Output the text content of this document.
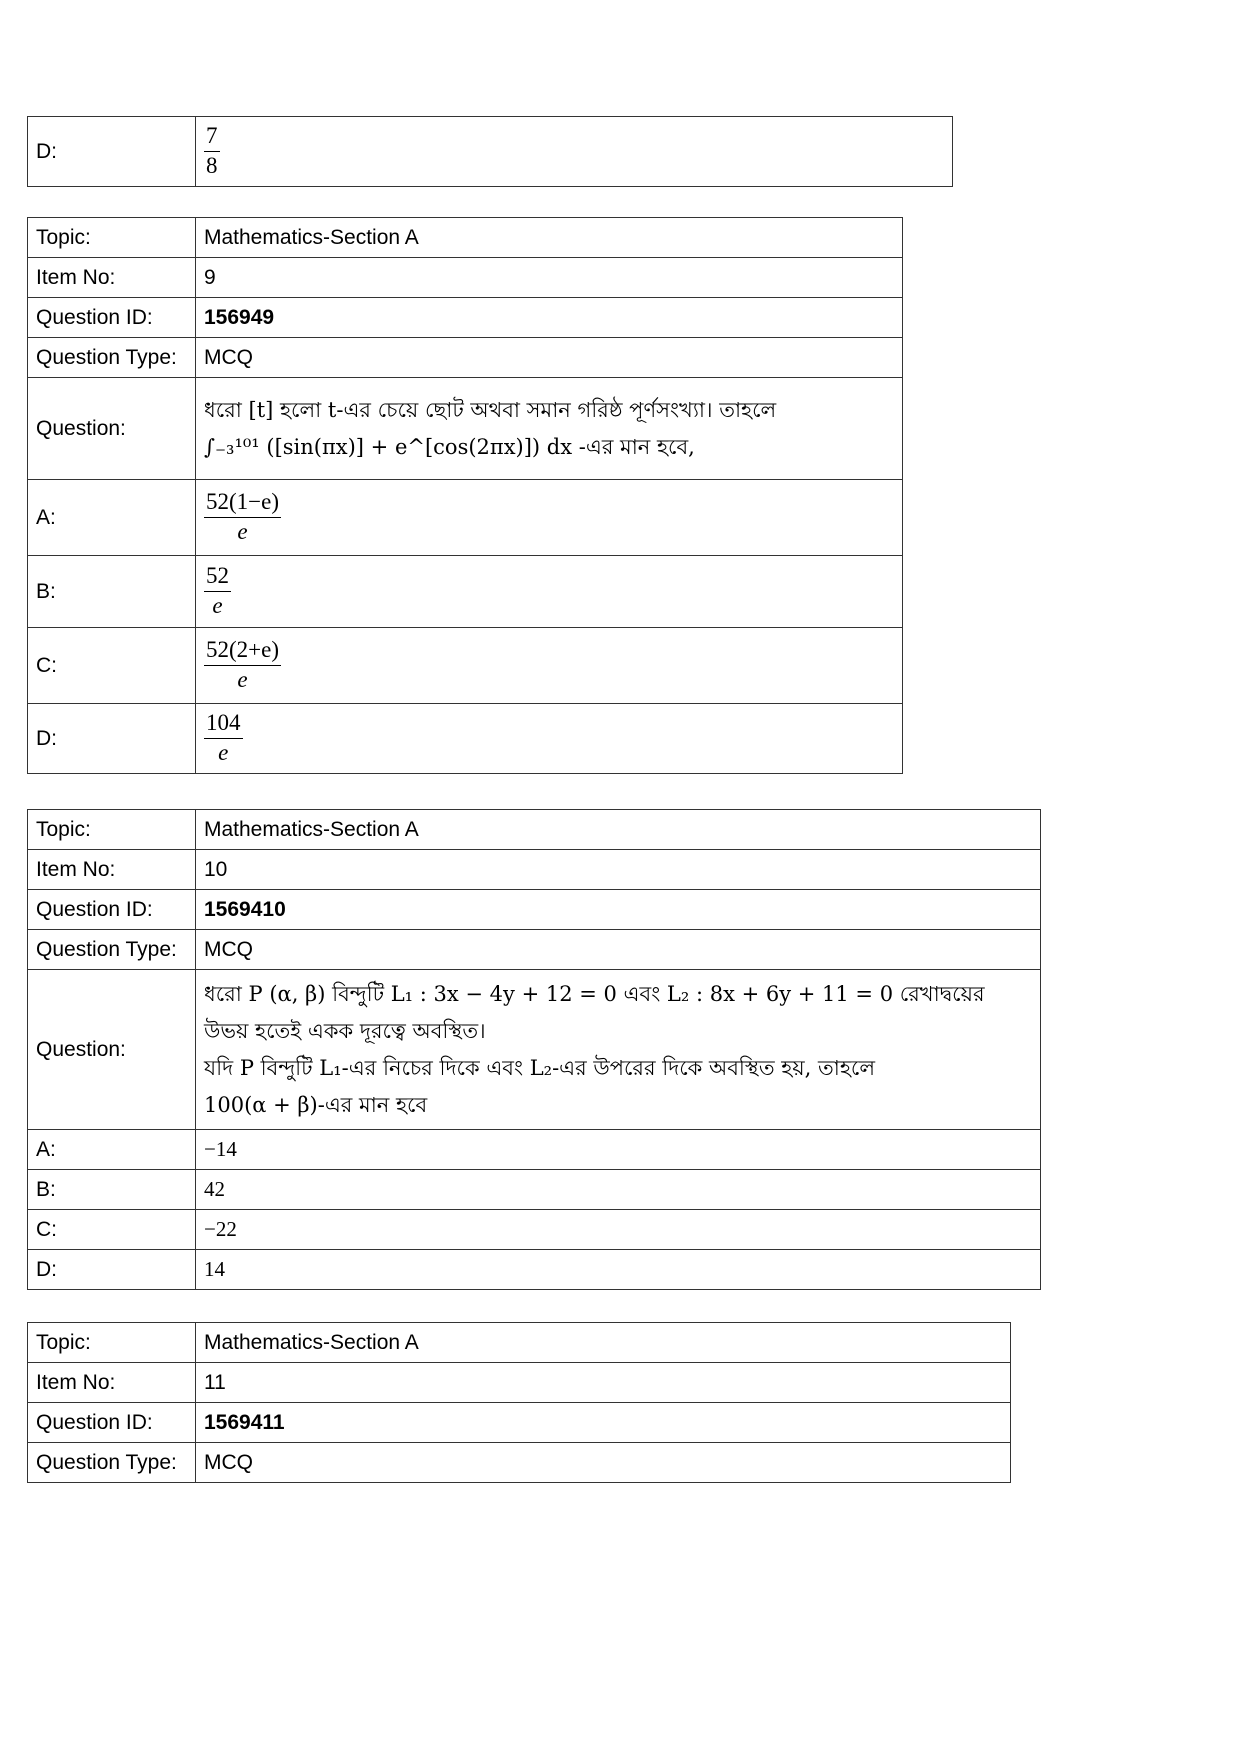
D:	$\frac{7}{8}$
Topic:	Mathematics-Section A
Item No:	9
Question ID:	156949
Question Type:	MCQ
Question:	ধরো [t] হলো t-এর চেয়ে ছোট অথবা সমান গরিষ্ঠ পূর্ণসংখ্যা। তাহলে
∫₋₃¹⁰¹ ([sin(πx)] + e^[cos(2πx)]) dx -এর মান হবে,

A:	$\frac{52(1-e)}{e}$

B:	$\frac{52}{e}$

C:	$\frac{52(2+e)}{e}$

D:	$\frac{104}{e}$
Topic:	Mathematics-Section A
Item No:	10
Question ID:	1569410
Question Type:	MCQ
Question:	ধরো P (α, β) বিন্দুটি L₁ : 3x − 4y + 12 = 0 এবং L₂ : 8x + 6y + 11 = 0 রেখাদ্বয়ের
উভয় হতেই একক দূরত্বে অবস্থিত।
যদি P বিন্দুটি L₁-এর নিচের দিকে এবং L₂-এর উপরের দিকে অবস্থিত হয়, তাহলে
100(α + β)-এর মান হবে

A:	−14
B:	42
C:	−22
D:	14
Topic:	Mathematics-Section A
Item No:	11
Question ID:	1569411
Question Type:	MCQ
